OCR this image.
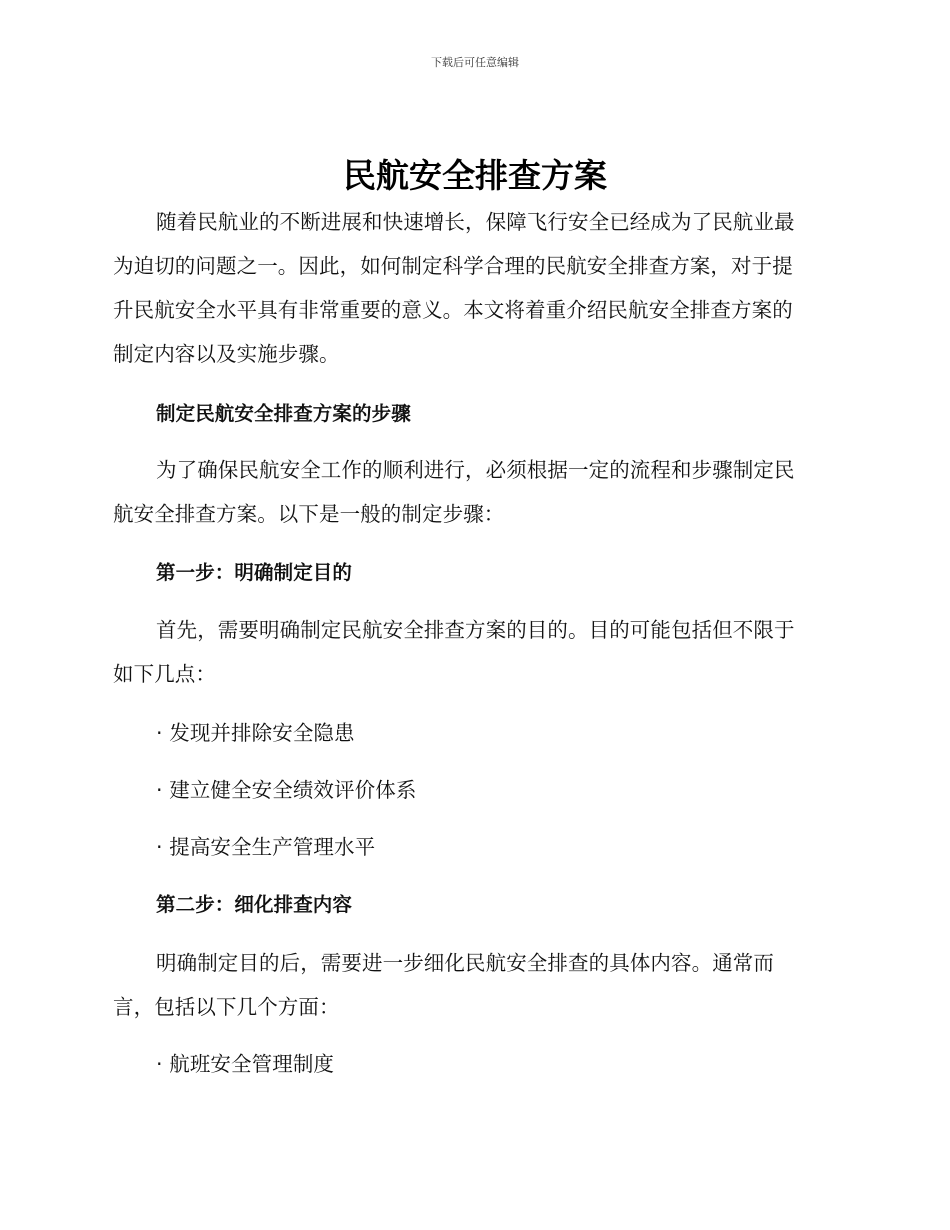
下载后可任意编辑
民航安全排查方案
随着民航业的不断进展和快速增长，保障飞行安全已经成为了民航业最
为迫切的问题之一。因此，如何制定科学合理的民航安全排查方案，对于提
升民航安全水平具有非常重要的意义。本文将着重介绍民航安全排查方案的
制定内容以及实施步骤。
制定民航安全排查方案的步骤
为了确保民航安全工作的顺利进行，必须根据一定的流程和步骤制定民
航安全排查方案。以下是一般的制定步骤：
第一步：明确制定目的
首先，需要明确制定民航安全排查方案的目的。目的可能包括但不限于
如下几点：
· 发现并排除安全隐患
· 建立健全安全绩效评价体系
· 提高安全生产管理水平
第二步：细化排查内容
明确制定目的后，需要进一步细化民航安全排查的具体内容。通常而
言，包括以下几个方面：
· 航班安全管理制度
